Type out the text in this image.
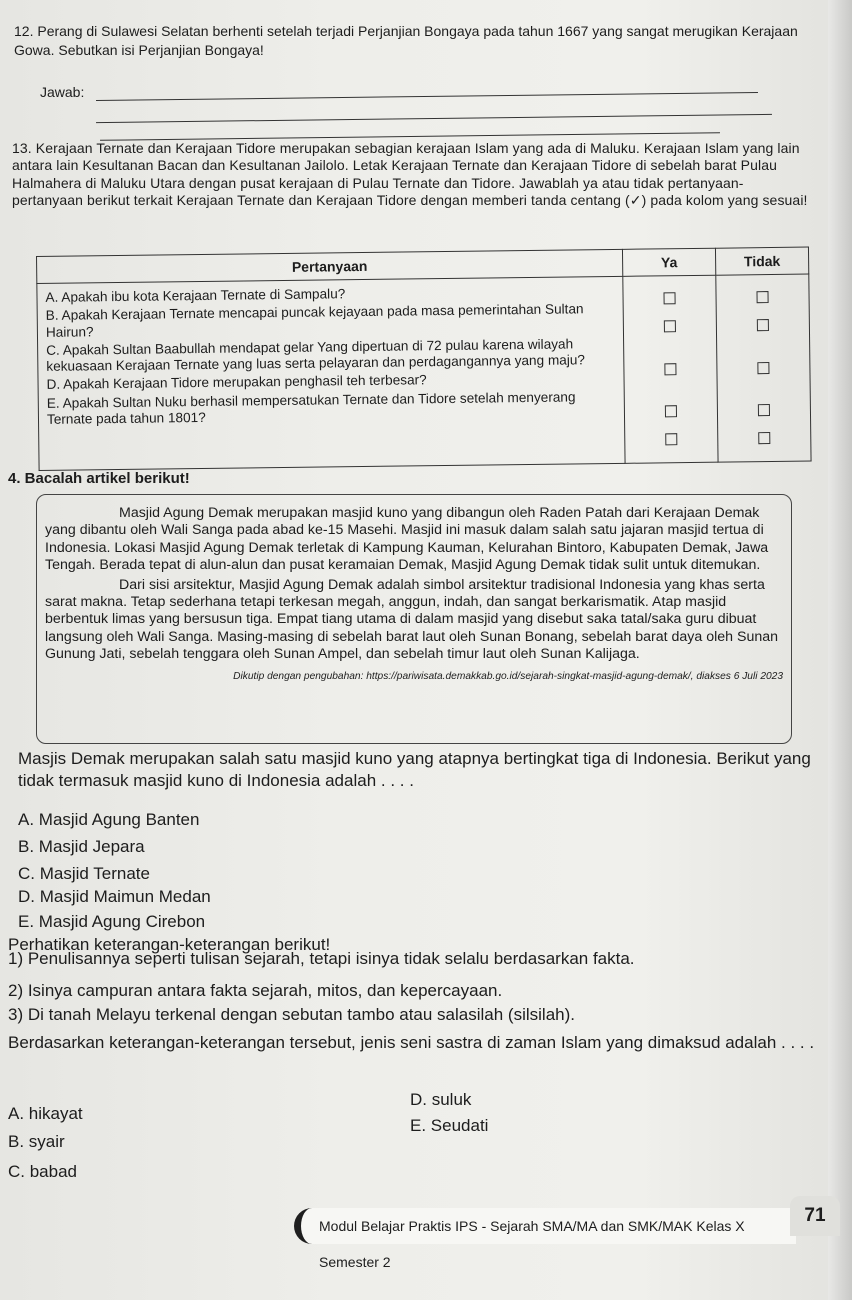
12. Perang di Sulawesi Selatan berhenti setelah terjadi Perjanjian Bongaya pada tahun 1667 yang sangat merugikan Kerajaan Gowa. Sebutkan isi Perjanjian Bongaya!
Jawab:
13. Kerajaan Ternate dan Kerajaan Tidore merupakan sebagian kerajaan Islam yang ada di Maluku. Kerajaan Islam yang lain antara lain Kesultanan Bacan dan Kesultanan Jailolo. Letak Kerajaan Ternate dan Kerajaan Tidore di sebelah barat Pulau Halmahera di Maluku Utara dengan pusat kerajaan di Pulau Ternate dan Tidore. Jawablah ya atau tidak pertanyaan-pertanyaan berikut terkait Kerajaan Ternate dan Kerajaan Tidore dengan memberi tanda centang (✓) pada kolom yang sesuai!
Pertanyaan	Ya	Tidak

A. Apakah ibu kota Kerajaan Ternate di Sampalu?
B. Apakah Kerajaan Ternate mencapai puncak kejayaan pada masa pemerintahan Sultan Hairun?
C. Apakah Sultan Baabullah mendapat gelar Yang dipertuan di 72 pulau karena wilayah kekuasaan Kerajaan Ternate yang luas serta pelayaran dan perdagangannya yang maju?
D. Apakah Kerajaan Tidore merupakan penghasil teh terbesar?
E. Apakah Sultan Nuku berhasil mempersatukan Ternate dan Tidore setelah menyerang Ternate pada tahun 1801?		

4. Bacalah artikel berikut!

Masjid Agung Demak merupakan masjid kuno yang dibangun oleh Raden Patah dari Kerajaan Demak yang dibantu oleh Wali Sanga pada abad ke-15 Masehi. Masjid ini masuk dalam salah satu jajaran masjid tertua di Indonesia. Lokasi Masjid Agung Demak terletak di Kampung Kauman, Kelurahan Bintoro, Kabupaten Demak, Jawa Tengah. Berada tepat di alun-alun dan pusat keramaian Demak, Masjid Agung Demak tidak sulit untuk ditemukan.

Dari sisi arsitektur, Masjid Agung Demak adalah simbol arsitektur tradisional Indonesia yang khas serta sarat makna. Tetap sederhana tetapi terkesan megah, anggun, indah, dan sangat berkarismatik. Atap masjid berbentuk limas yang bersusun tiga. Empat tiang utama di dalam masjid yang disebut saka tatal/saka guru dibuat langsung oleh Wali Sanga. Masing-masing di sebelah barat laut oleh Sunan Bonang, sebelah barat daya oleh Sunan Gunung Jati, sebelah tenggara oleh Sunan Ampel, dan sebelah timur laut oleh Sunan Kalijaga.

Dikutip dengan pengubahan: https://pariwisata.demakkab.go.id/sejarah-singkat-masjid-agung-demak/, diakses 6 Juli 2023

Masjis Demak merupakan salah satu masjid kuno yang atapnya bertingkat tiga di Indonesia. Berikut yang tidak termasuk masjid kuno di Indonesia adalah . . . .
A. Masjid Agung Banten
B. Masjid Jepara
C. Masjid Ternate
D. Masjid Maimun Medan
E. Masjid Agung Cirebon
Perhatikan keterangan-keterangan berikut!
1) Penulisannya seperti tulisan sejarah, tetapi isinya tidak selalu berdasarkan fakta.
2) Isinya campuran antara fakta sejarah, mitos, dan kepercayaan.
3) Di tanah Melayu terkenal dengan sebutan tambo atau salasilah (silsilah).
Berdasarkan keterangan-keterangan tersebut, jenis seni sastra di zaman Islam yang dimaksud adalah . . . .
A. hikayat
B. syair
C. babad
D. suluk
E. Seudati
Modul Belajar Praktis IPS - Sejarah SMA/MA dan SMK/MAK Kelas X Semester 2
71
